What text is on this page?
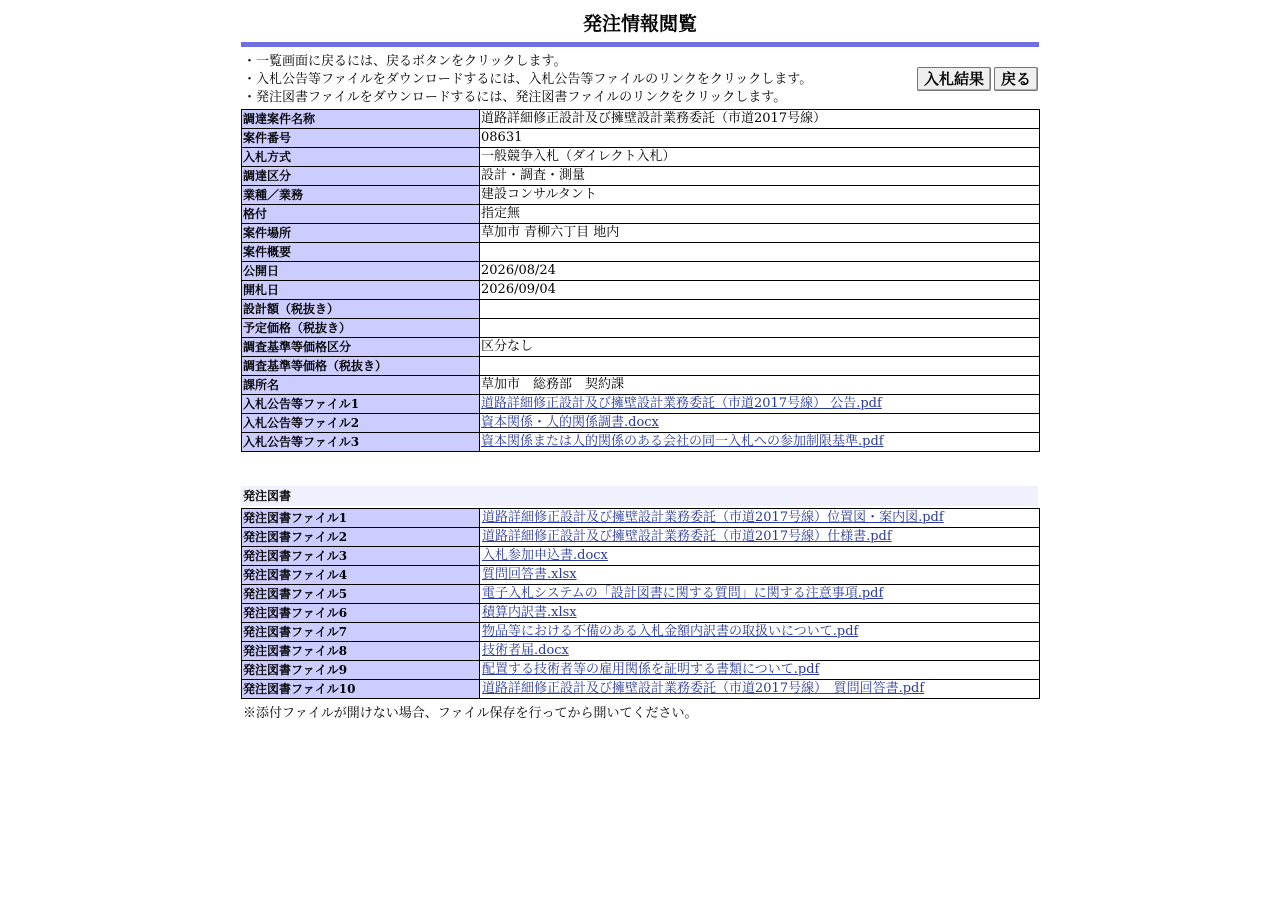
発注情報閲覧
・一覧画面に戻るには、戻るボタンをクリックします。
・入札公告等ファイルをダウンロードするには、入札公告等ファイルのリンクをクリックします。
・発注図書ファイルをダウンロードするには、発注図書ファイルのリンクをクリックします。
入札結果	戻る
調達案件名称	道路詳細修正設計及び擁壁設計業務委託（市道2017号線）
案件番号	08631
入札方式	一般競争入札（ダイレクト入札）
調達区分	設計・調査・測量
業種／業務	建設コンサルタント
格付	指定無
案件場所	草加市 青柳六丁目 地内
案件概要	
公開日	2026/08/24
開札日	2026/09/04
設計額（税抜き）	
予定価格（税抜き）	
調査基準等価格区分	区分なし
調査基準等価格（税抜き）	
課所名	草加市　総務部　契約課
入札公告等ファイル1	道路詳細修正設計及び擁壁設計業務委託（市道2017号線） 公告.pdf
入札公告等ファイル2	資本関係・人的関係調書.docx
入札公告等ファイル3	資本関係または人的関係のある会社の同一入札への参加制限基準.pdf
発注図書
発注図書ファイル1	道路詳細修正設計及び擁壁設計業務委託（市道2017号線）位置図・案内図.pdf
発注図書ファイル2	道路詳細修正設計及び擁壁設計業務委託（市道2017号線）仕様書.pdf
発注図書ファイル3	入札参加申込書.docx
発注図書ファイル4	質問回答書.xlsx
発注図書ファイル5	電子入札システムの「設計図書に関する質問」に関する注意事項.pdf
発注図書ファイル6	積算内訳書.xlsx
発注図書ファイル7	物品等における不備のある入札金額内訳書の取扱いについて.pdf
発注図書ファイル8	技術者届.docx
発注図書ファイル9	配置する技術者等の雇用関係を証明する書類について.pdf
発注図書ファイル10	道路詳細修正設計及び擁壁設計業務委託（市道2017号線）　質問回答書.pdf
※添付ファイルが開けない場合、ファイル保存を行ってから開いてください。
